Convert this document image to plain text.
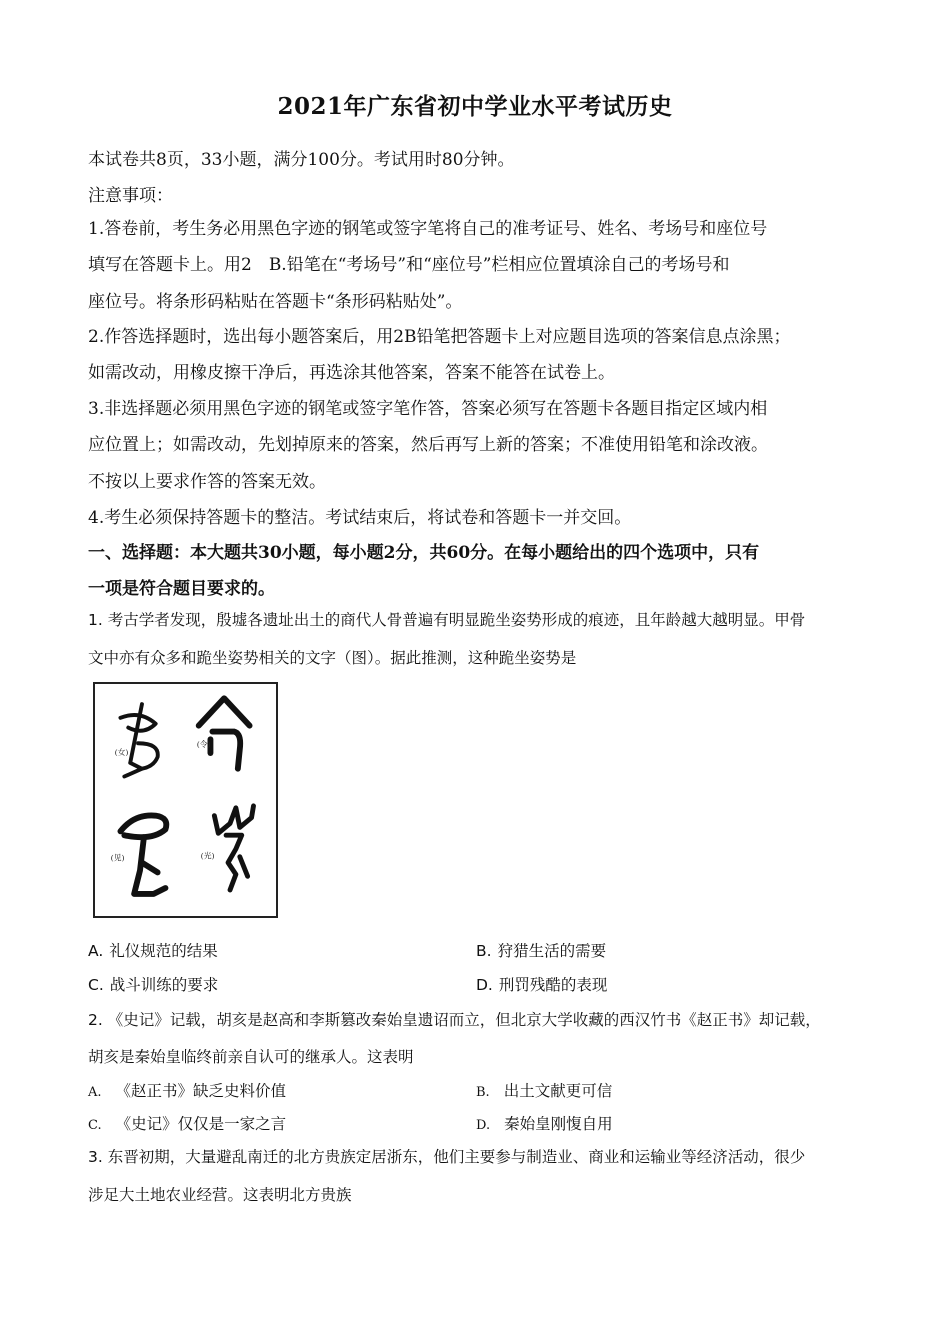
2021年广东省初中学业水平考试历史
本试卷共8页，33小题，满分100分。考试用时80分钟。
注意事项：
1.答卷前，考生务必用黑色字迹的钢笔或签字笔将自己的准考证号、姓名、考场号和座位号
填写在答题卡上。用2　B.铅笔在“考场号”和“座位号”栏相应位置填涂自己的考场号和
座位号。将条形码粘贴在答题卡“条形码粘贴处”。
2.作答选择题时，选出每小题答案后，用2B铅笔把答题卡上对应题目选项的答案信息点涂黑；
如需改动，用橡皮擦干净后，再选涂其他答案，答案不能答在试卷上。
3.非选择题必须用黑色字迹的钢笔或签字笔作答，答案必须写在答题卡各题目指定区域内相
应位置上；如需改动，先划掉原来的答案，然后再写上新的答案；不准使用铅笔和涂改液。
不按以上要求作答的答案无效。
4.考生必须保持答题卡的整洁。考试结束后，将试卷和答题卡一并交回。
一、选择题：本大题共30小题，每小题2分，共60分。在每小题给出的四个选项中，只有
一项是符合题目要求的。
1. 考古学者发现，殷墟各遗址出土的商代人骨普遍有明显跪坐姿势形成的痕迹，且年龄越大越明显。甲骨
文中亦有众多和跪坐姿势相关的文字（图）。据此推测，这种跪坐姿势是
(女)
(令)
(见)	(光)
A. 礼仪规范的结果	B. 狩猎生活的需要
C. 战斗训练的要求	D. 刑罚残酷的表现
2. 《史记》记载，胡亥是赵高和李斯篡改秦始皇遗诏而立，但北京大学收藏的西汉竹书《赵正书》却记载，
胡亥是秦始皇临终前亲自认可的继承人。这表明
A. 《赵正书》缺乏史料价值	B. 出土文献更可信
C. 《史记》仅仅是一家之言	D. 秦始皇刚愎自用
3. 东晋初期，大量避乱南迁的北方贵族定居浙东，他们主要参与制造业、商业和运输业等经济活动，很少
涉足大土地农业经营。这表明北方贵族
